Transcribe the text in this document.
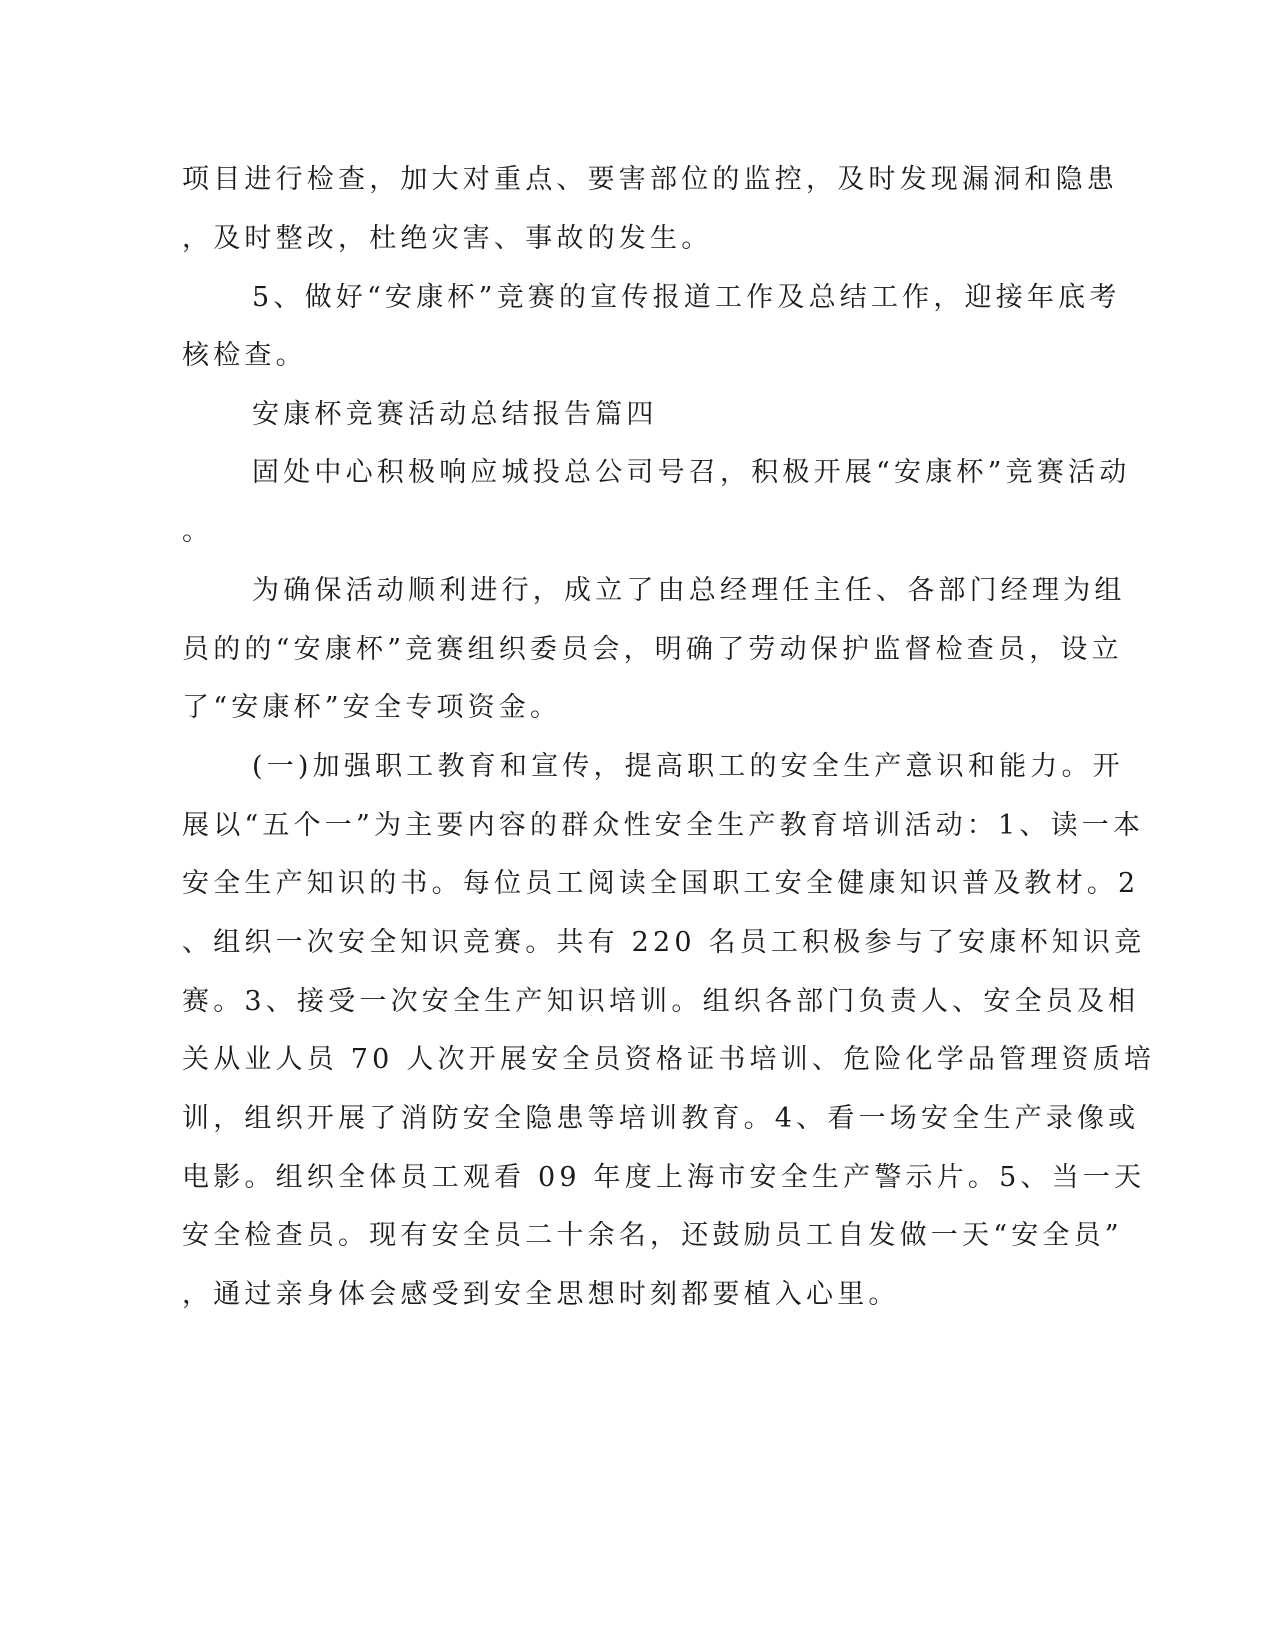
项目进行检查，加大对重点、要害部位的监控，及时发现漏洞和隐患

，及时整改，杜绝灾害、事故的发生。

5、做好“安康杯”竞赛的宣传报道工作及总结工作，迎接年底考

核检查。

安康杯竞赛活动总结报告篇四

固处中心积极响应城投总公司号召，积极开展“安康杯”竞赛活动

。

为确保活动顺利进行，成立了由总经理任主任、各部门经理为组

员的的“安康杯”竞赛组织委员会，明确了劳动保护监督检查员，设立

了“安康杯”安全专项资金。

(一)加强职工教育和宣传，提高职工的安全生产意识和能力。开

展以“五个一”为主要内容的群众性安全生产教育培训活动：1、读一本

安全生产知识的书。每位员工阅读全国职工安全健康知识普及教材。2

、组织一次安全知识竞赛。共有 220 名员工积极参与了安康杯知识竞

赛。3、接受一次安全生产知识培训。组织各部门负责人、安全员及相

关从业人员 70 人次开展安全员资格证书培训、危险化学品管理资质培

训，组织开展了消防安全隐患等培训教育。4、看一场安全生产录像或

电影。组织全体员工观看 09 年度上海市安全生产警示片。5、当一天

安全检查员。现有安全员二十余名，还鼓励员工自发做一天“安全员”

，通过亲身体会感受到安全思想时刻都要植入心里。
